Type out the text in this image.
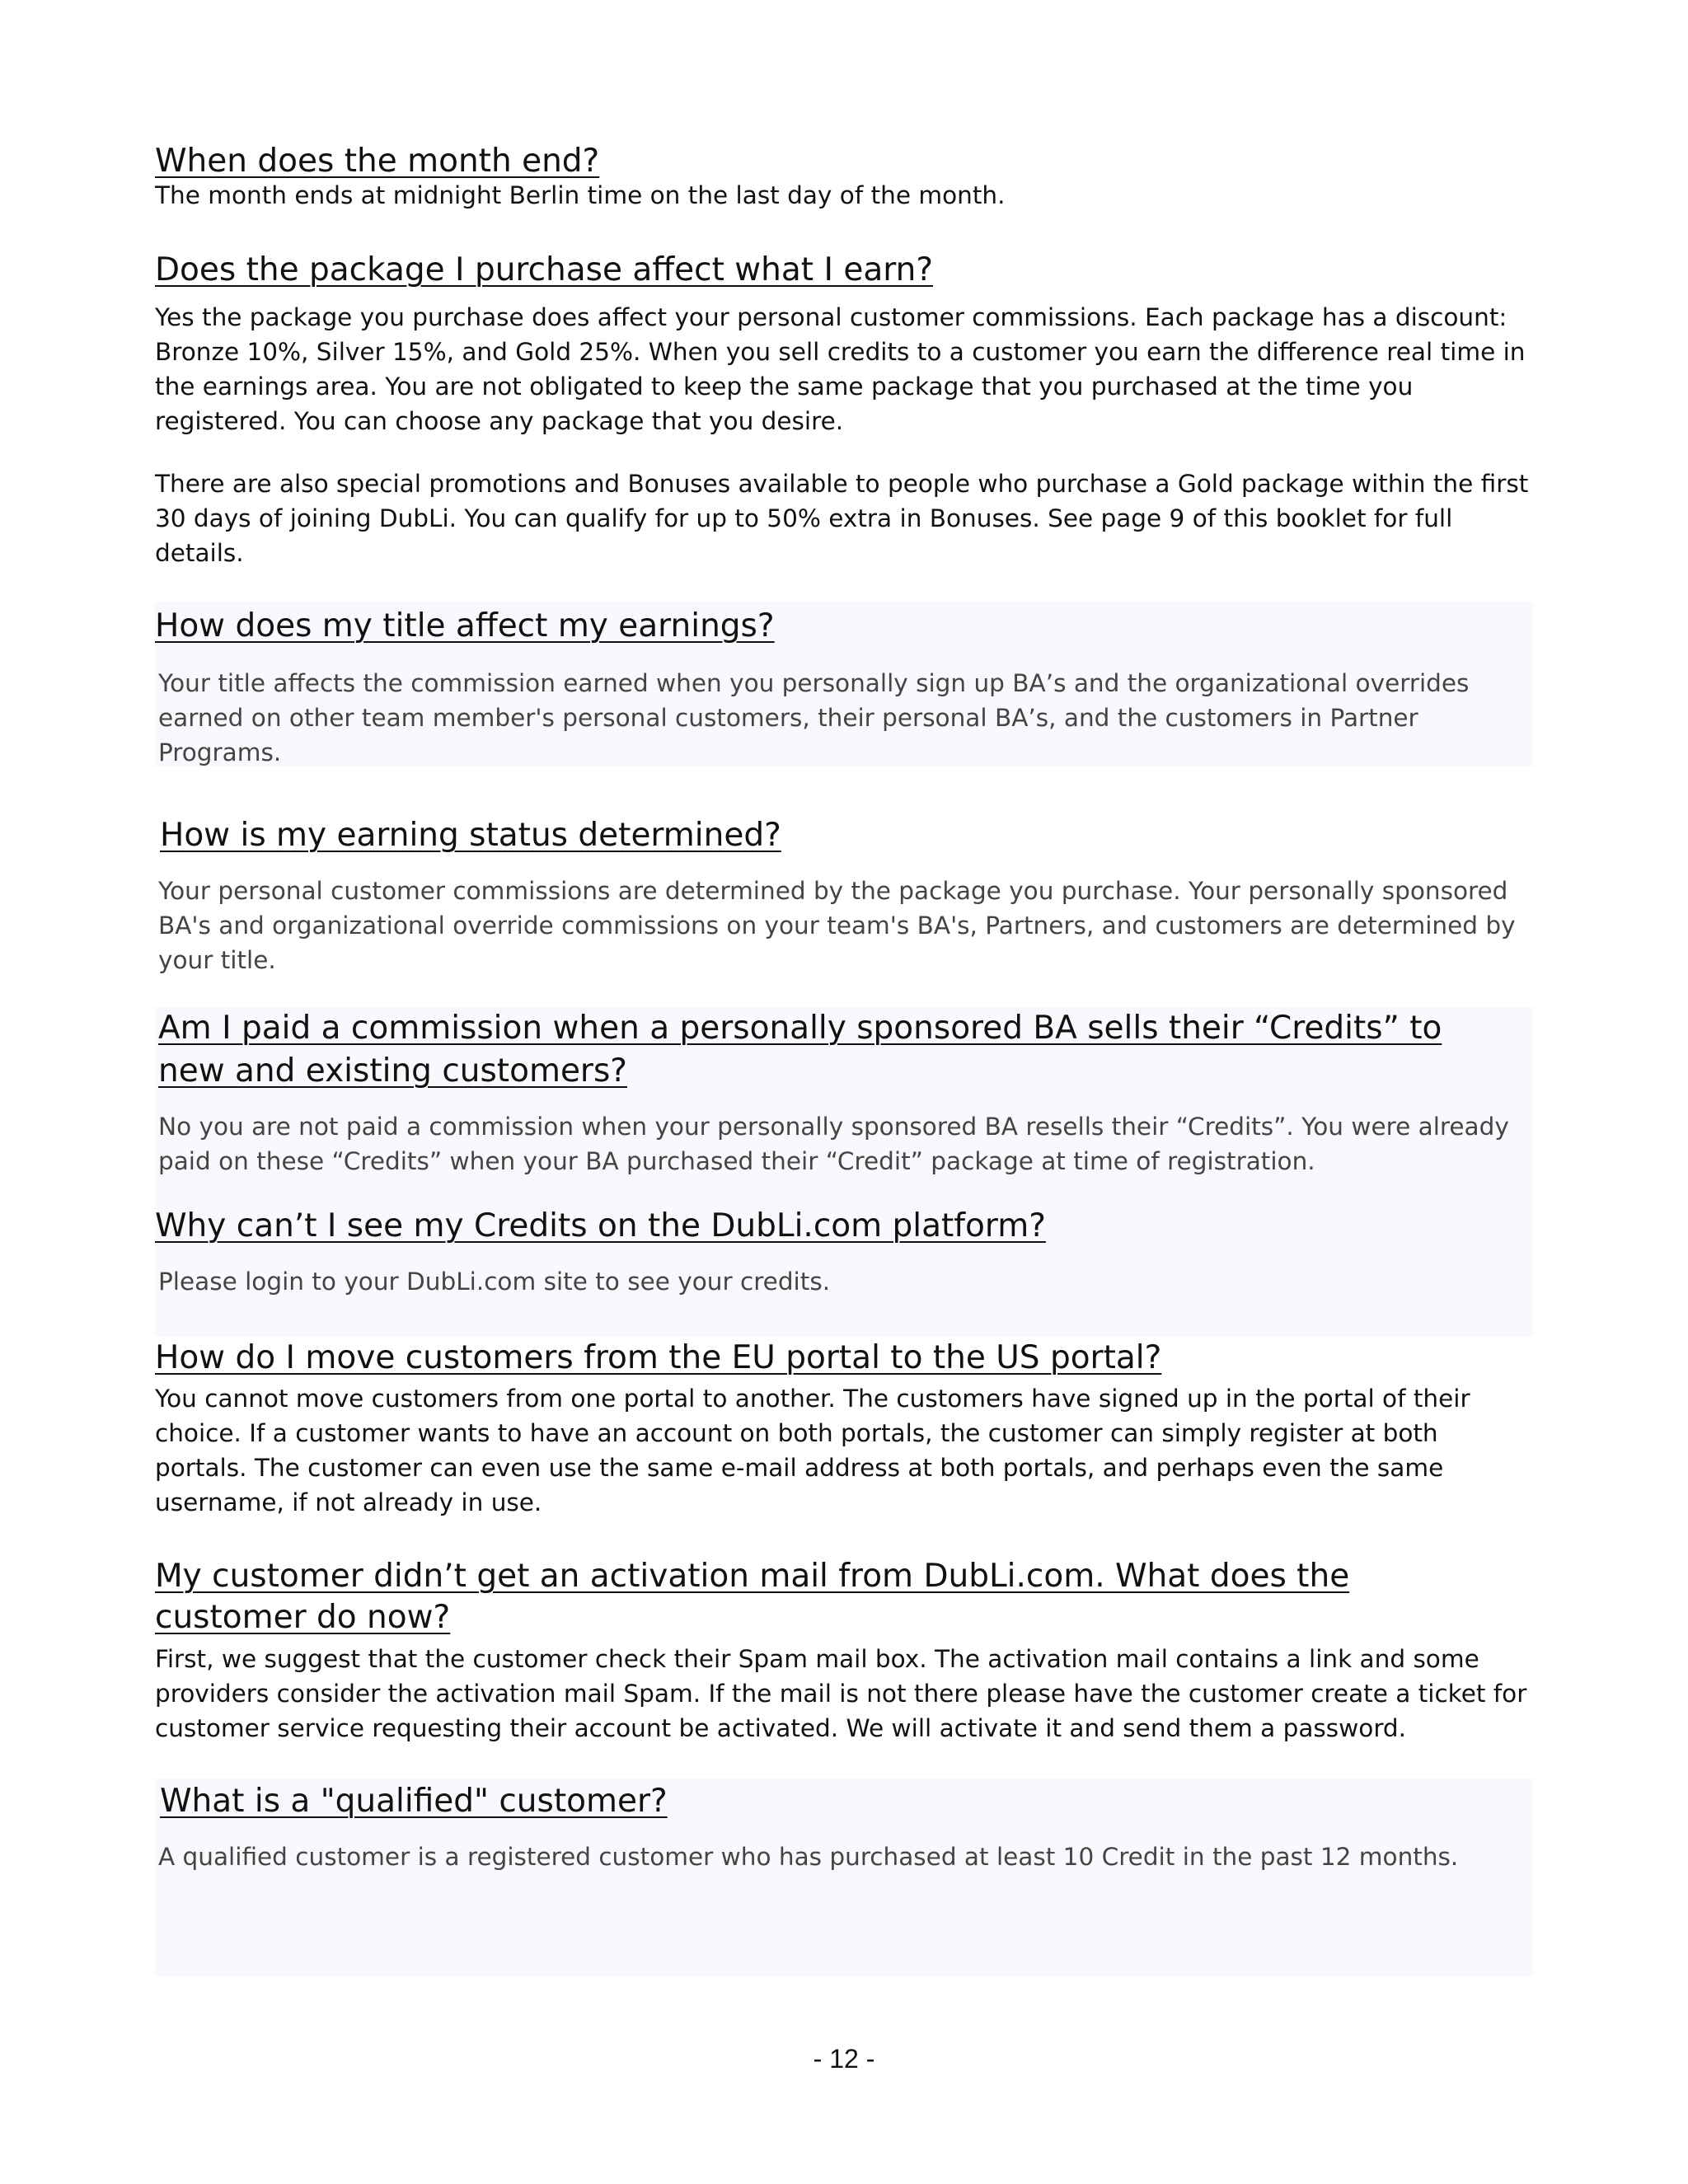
When does the month end?

The month ends at midnight Berlin time on the last day of the month.

Does the package I purchase affect what I earn?

Yes the package you purchase does affect your personal customer commissions. Each package has a discount: Bronze 10%, Silver 15%, and Gold 25%. When you sell credits to a customer you earn the difference real time in the earnings area. You are not obligated to keep the same package that you purchased at the time you registered. You can choose any package that you desire.

There are also special promotions and Bonuses available to people who purchase a Gold package within the first 30 days of joining DubLi. You can qualify for up to 50% extra in Bonuses. See page 9 of this booklet for full details.

How does my title affect my earnings?

Your title affects the commission earned when you personally sign up BA’s and the organizational overrides earned on other team member's personal customers, their personal BA’s, and the customers in Partner Programs.

How is my earning status determined?

Your personal customer commissions are determined by the package you purchase. Your personally sponsored BA's and organizational override commissions on your team's BA's, Partners, and customers are determined by your title.

Am I paid a commission when a personally sponsored BA sells their “Credits” to new and existing customers?

No you are not paid a commission when your personally sponsored BA resells their “Credits”. You were already paid on these “Credits” when your BA purchased their “Credit” package at time of registration.

Why can’t I see my Credits on the DubLi.com platform?

Please login to your DubLi.com site to see your credits.

How do I move customers from the EU portal to the US portal?

You cannot move customers from one portal to another. The customers have signed up in the portal of their choice. If a customer wants to have an account on both portals, the customer can simply register at both portals. The customer can even use the same e-mail address at both portals, and perhaps even the same username, if not already in use.

My customer didn’t get an activation mail from DubLi.com. What does the customer do now?

First, we suggest that the customer check their Spam mail box. The activation mail contains a link and some providers consider the activation mail Spam. If the mail is not there please have the customer create a ticket for customer service requesting their account be activated. We will activate it and send them a password.

What is a "qualified" customer?

A qualified customer is a registered customer who has purchased at least 10 Credit in the past 12 months.

- 12 -
